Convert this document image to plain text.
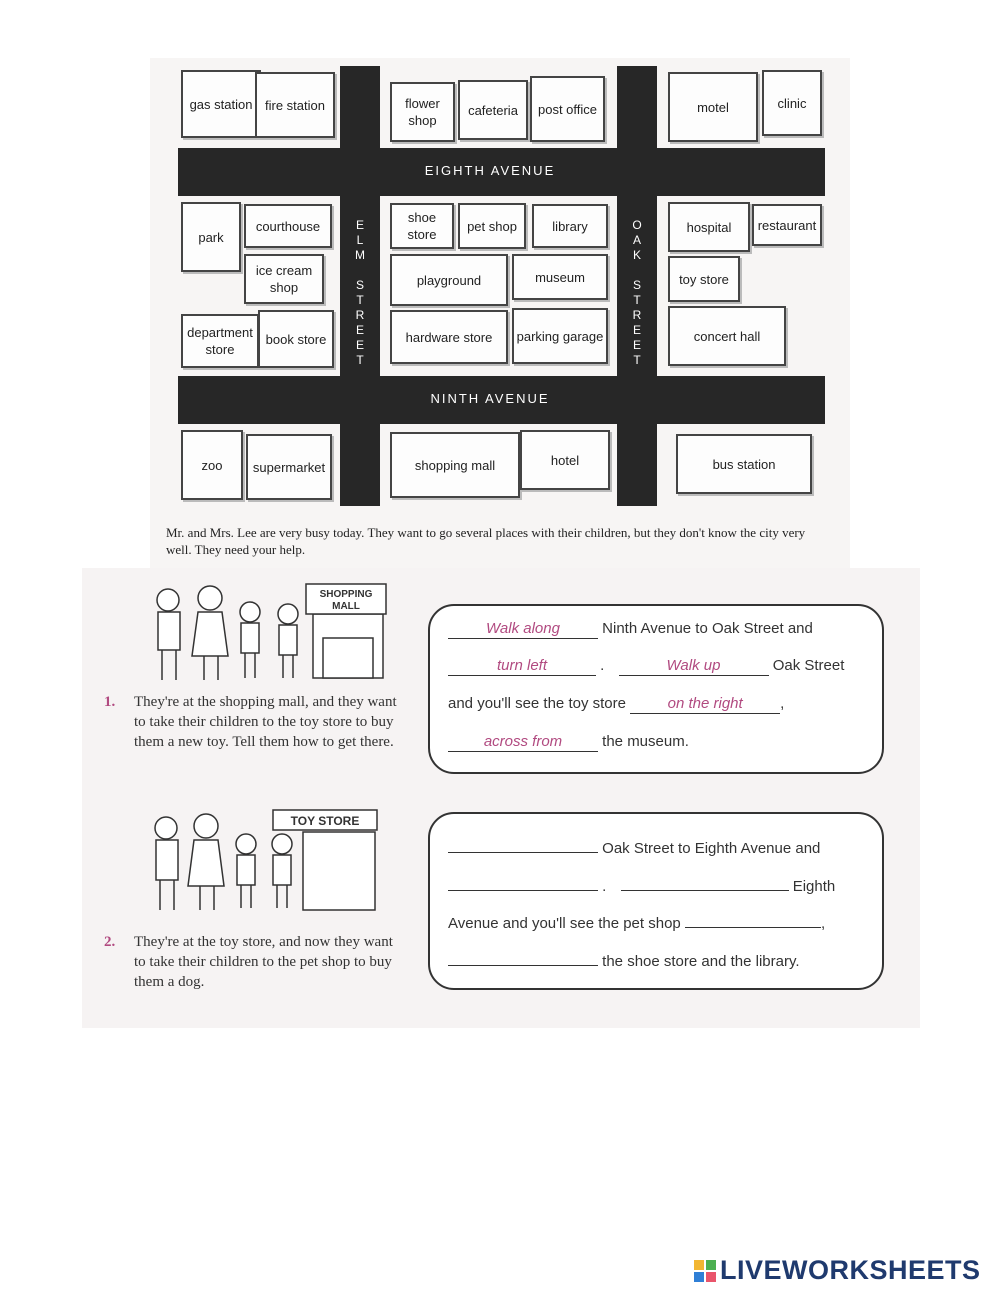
EIGHTH AVENUE
NINTH AVENUE
E
L
M

S
T
R
E
E
T
O
A
K

S
T
R
E
E
T
gas station fire station	flower shop
cafeteria	post office	motel	clinic
park
courthouse
ice cream shop
department store
book store
shoe store
pet shop	library
playground	museum
hardware store	parking garage
hospital	restaurant
toy store
concert hall
zoo	supermarket	shopping mall	hotel	bus station
Mr. and Mrs. Lee are very busy today. They want to go several places with their children, but they don't know the city very well. They need your help.
SHOPPING
MALL
1. They're at the shopping mall, and they want to take their children to the toy store to buy them a new toy. Tell them how to get there.
Walk along	Ninth Avenue to Oak Street and
turn left	.	Walk up	Oak Street
and you'll see the toy store	on the right ,
across from	the museum.
TOY STORE
2. They're at the toy store, and now they want to take their children to the pet shop to buy them a dog.
Oak Street to Eighth Avenue and
.	Eighth
Avenue and you'll see the pet shop	,
the shoe store and the library.
LIVEWORKSHEETS
